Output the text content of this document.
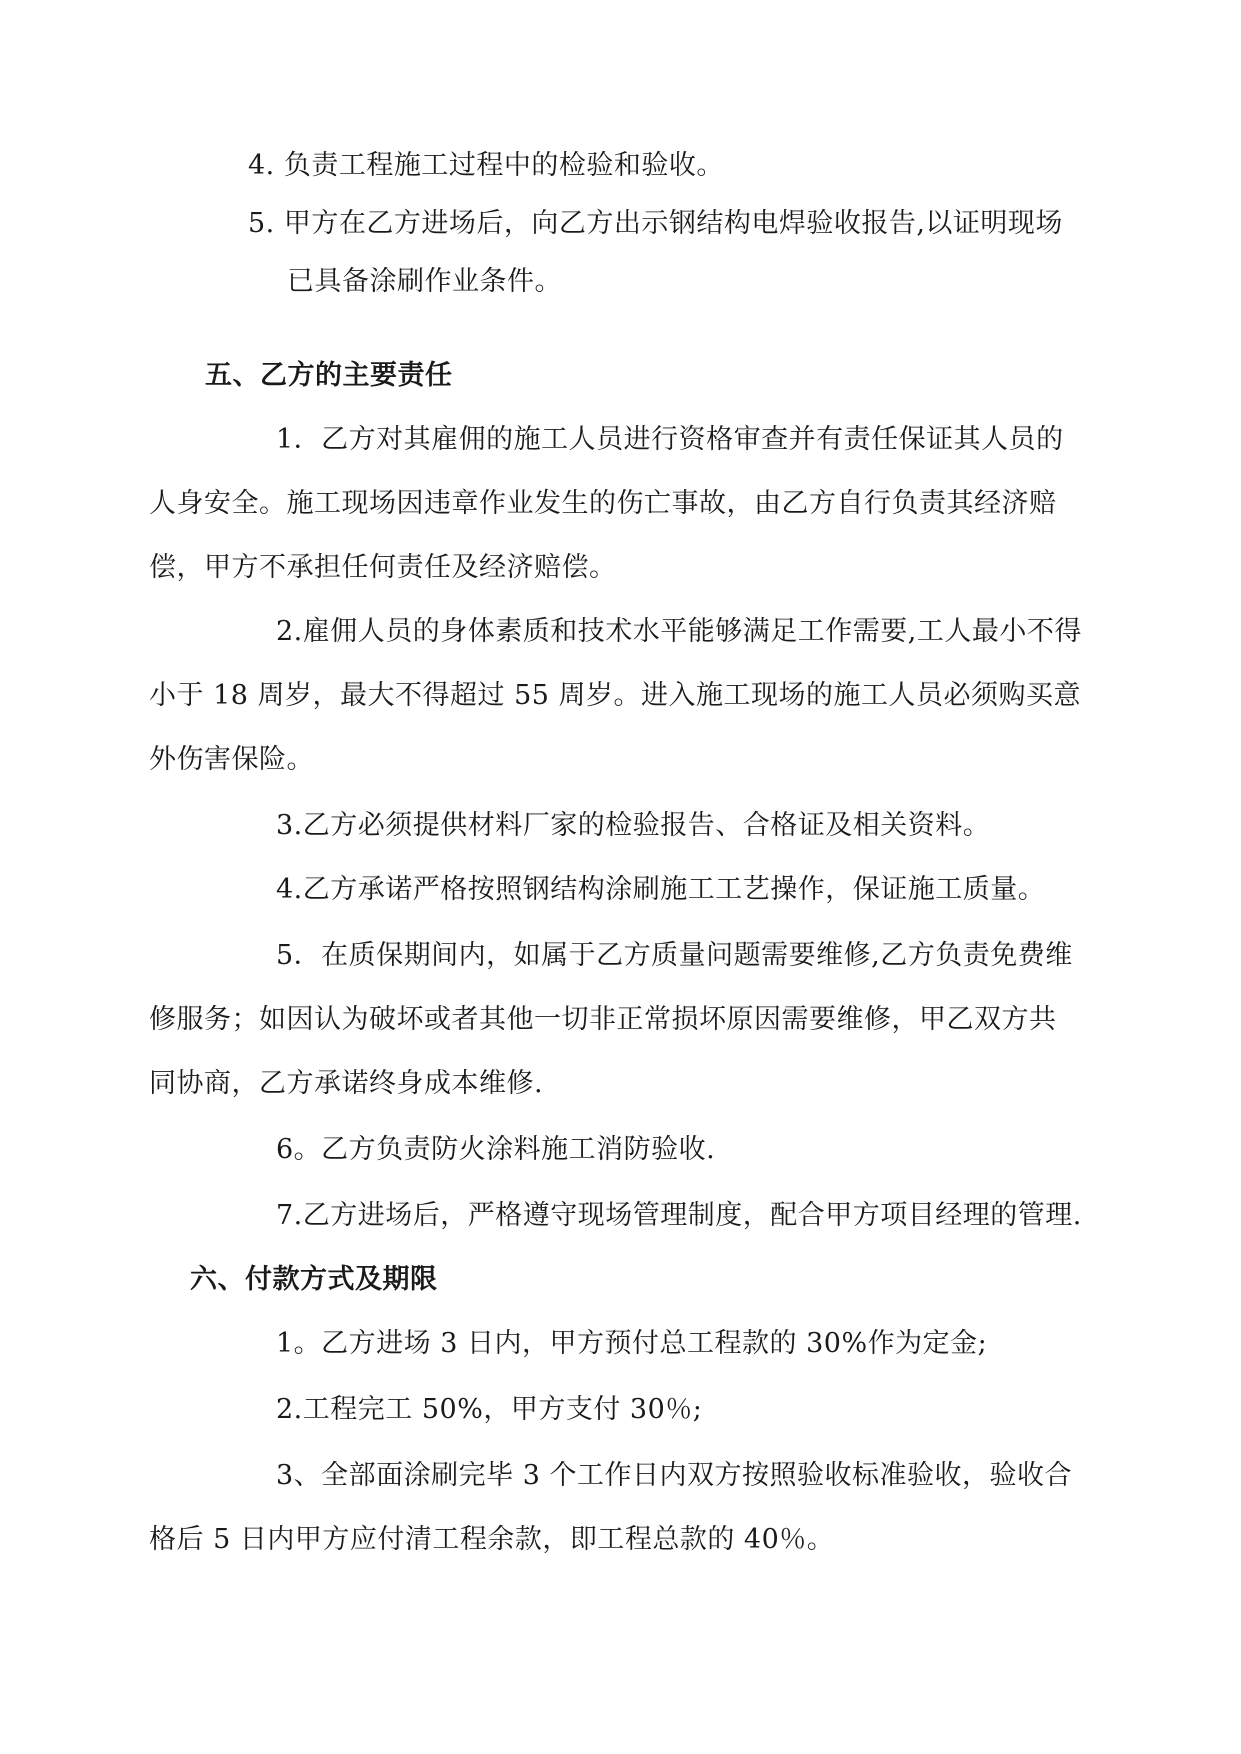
4. 负责工程施工过程中的检验和验收。
5. 甲方在乙方进场后，向乙方出示钢结构电焊验收报告,以证明现场
已具备涂刷作业条件。
五、乙方的主要责任
1．乙方对其雇佣的施工人员进行资格审查并有责任保证其人员的
人身安全。施工现场因违章作业发生的伤亡事故，由乙方自行负责其经济赔
偿，甲方不承担任何责任及经济赔偿。
2.雇佣人员的身体素质和技术水平能够满足工作需要,工人最小不得
小于 18 周岁，最大不得超过 55 周岁。进入施工现场的施工人员必须购买意
外伤害保险。
3.乙方必须提供材料厂家的检验报告、合格证及相关资料。
4.乙方承诺严格按照钢结构涂刷施工工艺操作，保证施工质量。
5．在质保期间内，如属于乙方质量问题需要维修,乙方负责免费维
修服务；如因认为破坏或者其他一切非正常损坏原因需要维修，甲乙双方共
同协商，乙方承诺终身成本维修.
6。乙方负责防火涂料施工消防验收.
7.乙方进场后，严格遵守现场管理制度，配合甲方项目经理的管理.
六、付款方式及期限
1。乙方进场 3 日内，甲方预付总工程款的 30%作为定金;
2.工程完工 50%，甲方支付 30％;
3、全部面涂刷完毕 3 个工作日内双方按照验收标准验收，验收合
格后 5 日内甲方应付清工程余款，即工程总款的 40％。
